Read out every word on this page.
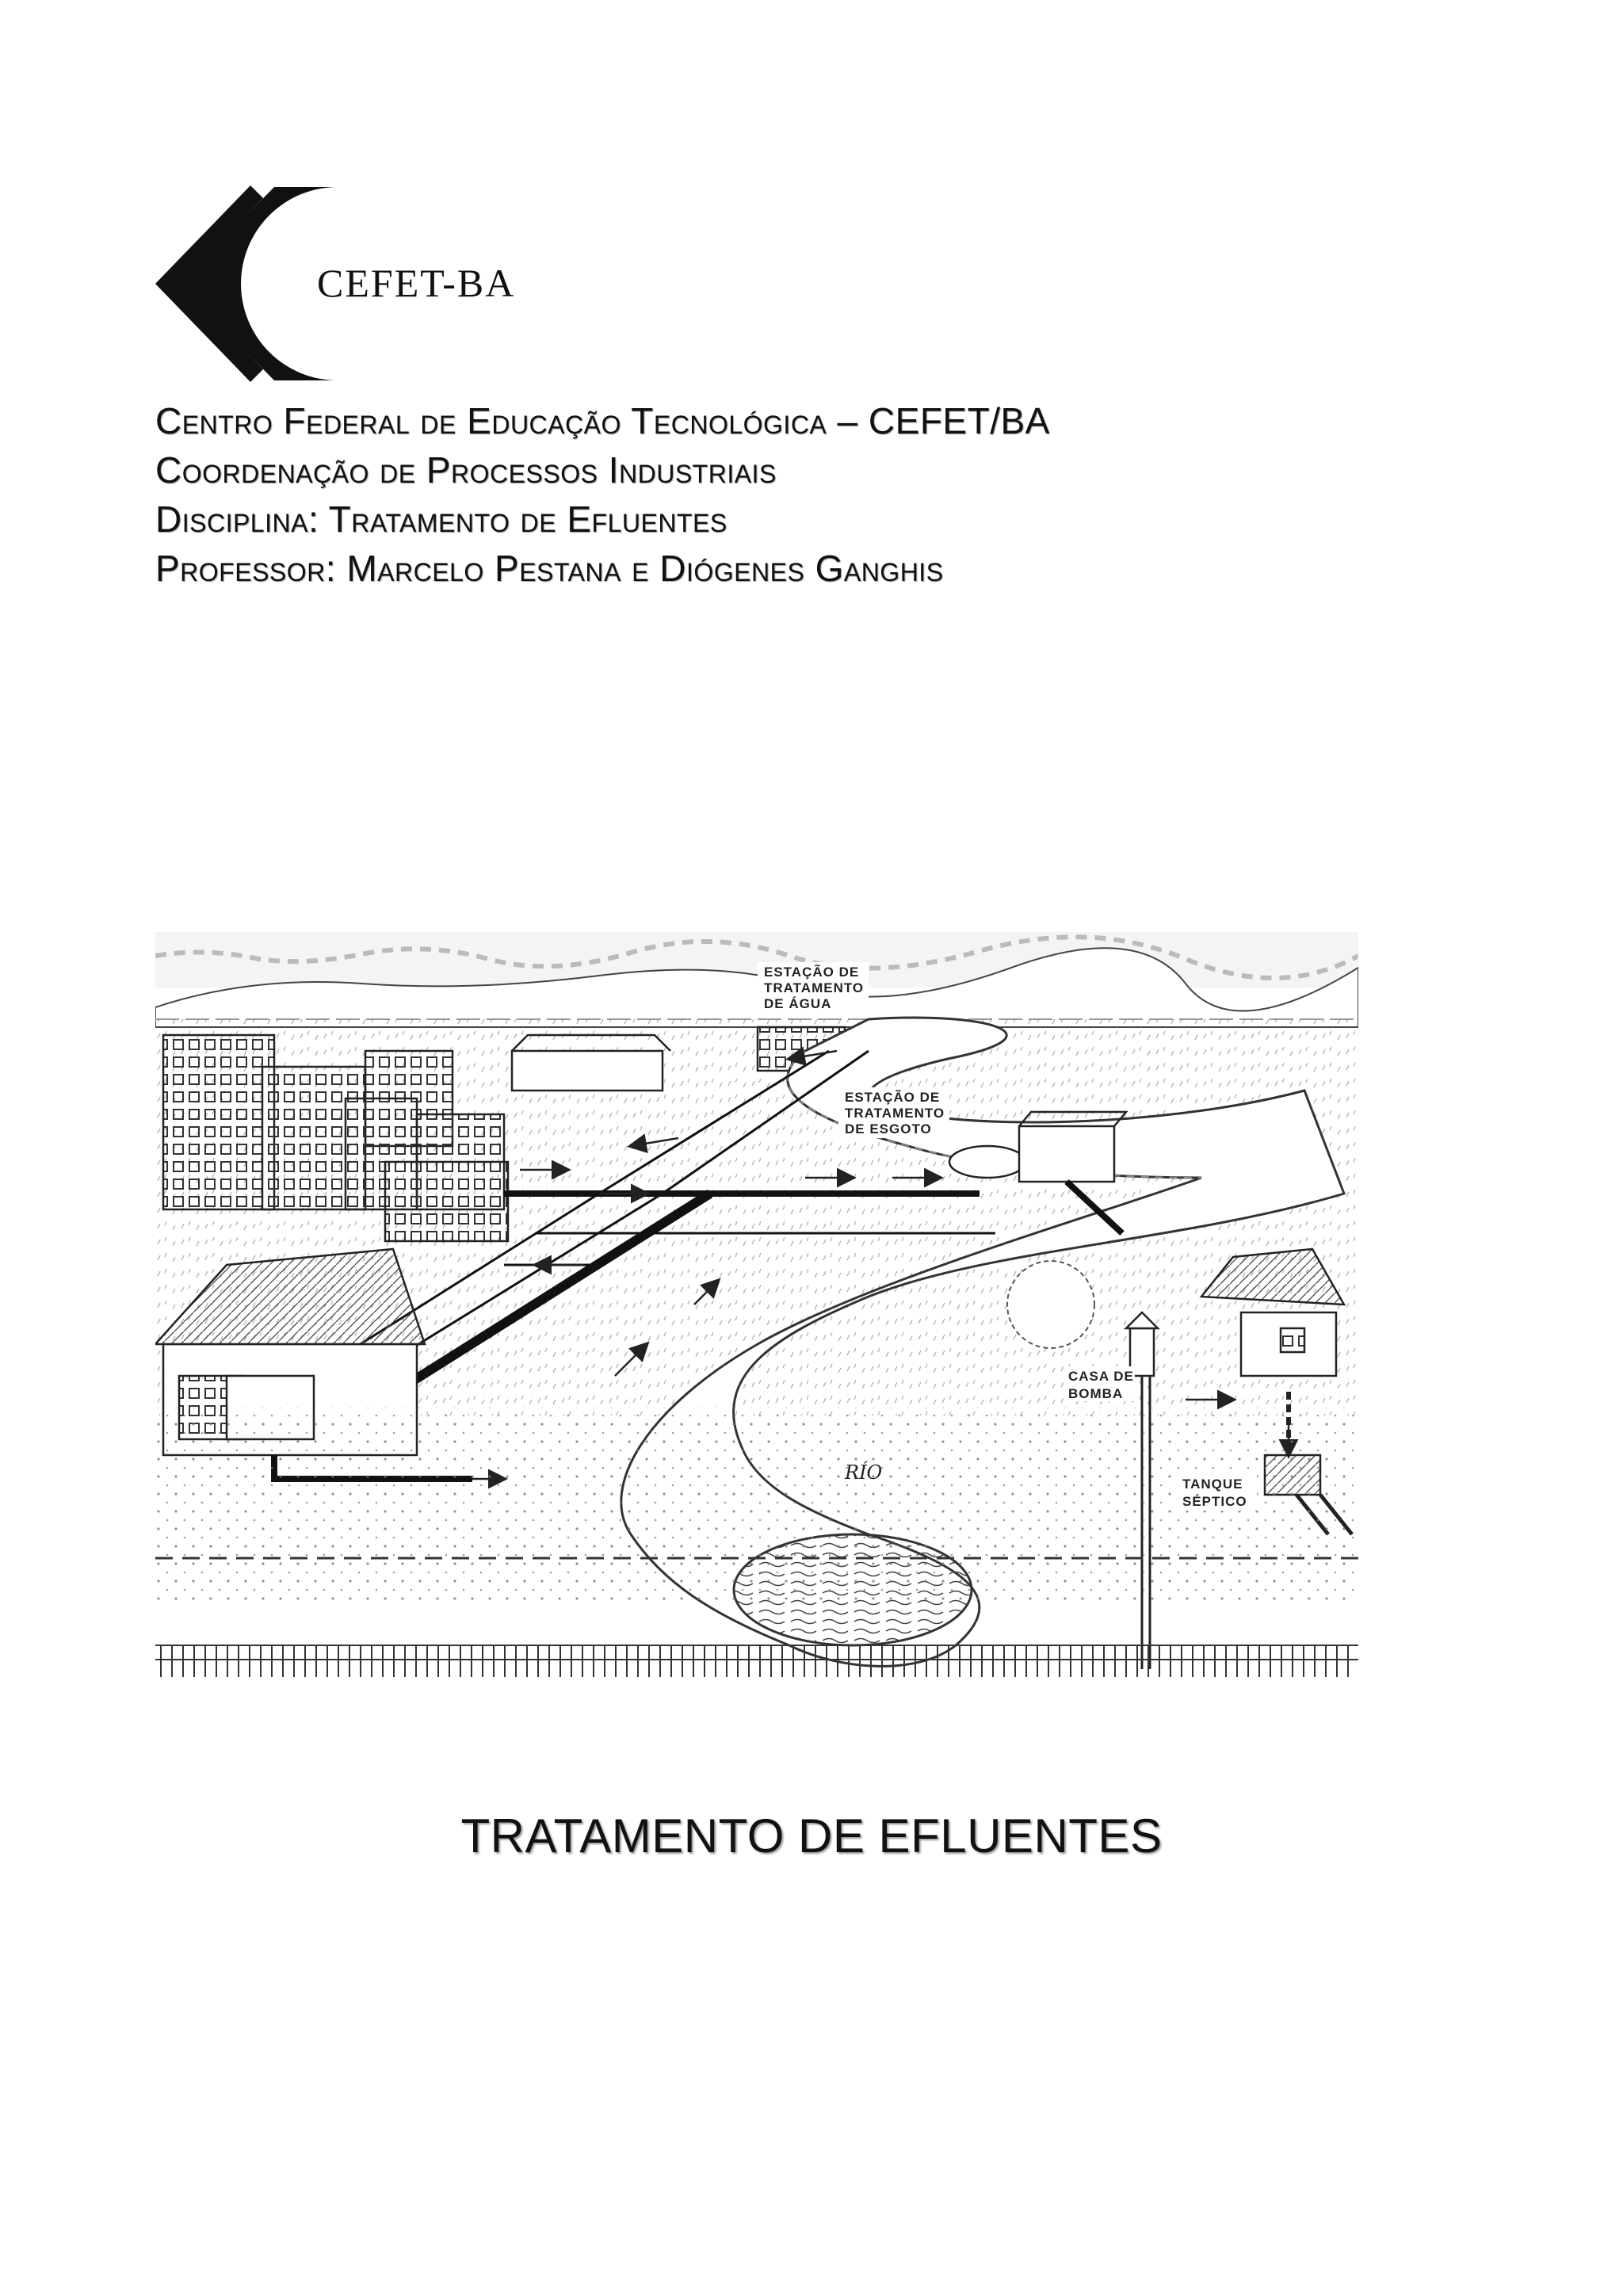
CEFET-BA
Centro Federal de Educação Tecnológica – CEFET/BA
Coordenação de Processos Industriais
Disciplina: Tratamento de Efluentes
Professor: Marcelo Pestana e Diógenes Ganghis
ESTAÇÃO DE
TRATAMENTO
DE ÁGUA
ESTAÇÃO DE
TRATAMENTO
DE ESGOTO
CASA DE
BOMBA
TANQUE
SÉPTICO
RÍO
TRATAMENTO DE EFLUENTES
